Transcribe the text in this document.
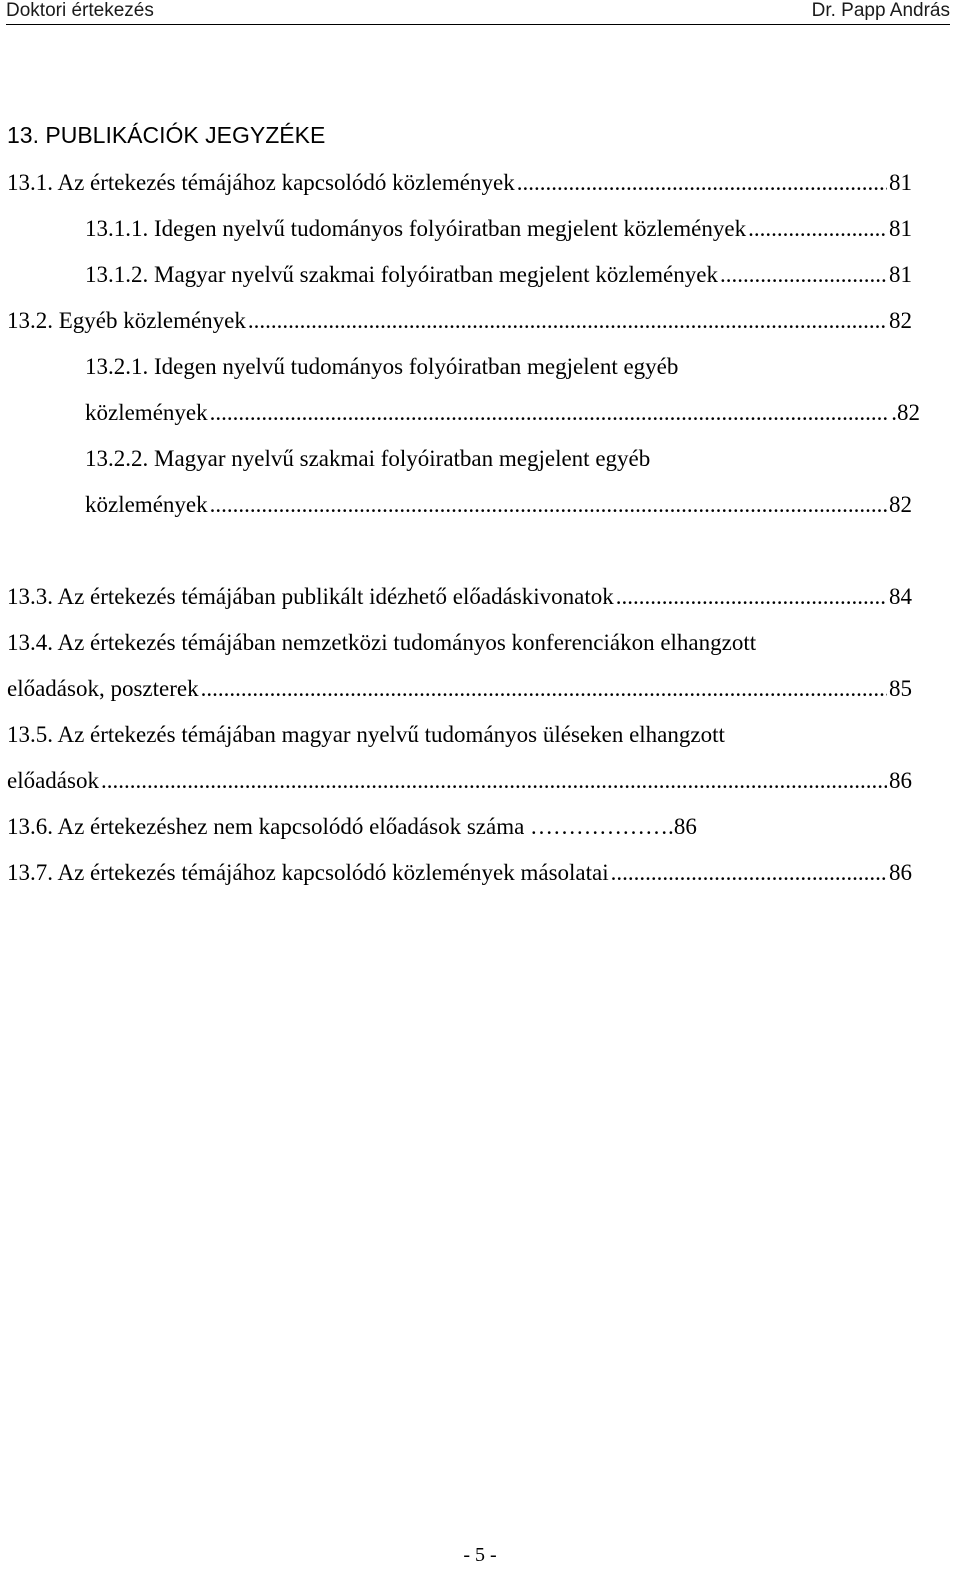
Doktori értekezés	Dr. Papp András
13. PUBLIKÁCIÓK JEGYZÉKE
13.1. Az értekezés témájához kapcsolódó közlemények .....	81
13.1.1. Idegen nyelvű tudományos folyóiratban megjelent közlemények .....	81
13.1.2. Magyar nyelvű szakmai folyóiratban megjelent közlemények .....	81
13.2. Egyéb közlemények .....	82
13.2.1. Idegen nyelvű tudományos folyóiratban megjelent egyéb
közlemények .....	.82
13.2.2. Magyar nyelvű szakmai folyóiratban megjelent egyéb
közlemények .....	82
13.3. Az értekezés témájában publikált idézhető előadáskivonatok .....	84
13.4. Az értekezés témájában nemzetközi tudományos konferenciákon elhangzott
előadások, poszterek .....	85
13.5. Az értekezés témájában magyar nyelvű tudományos üléseken elhangzott
előadások .....	86
13.6. Az értekezéshez nem kapcsolódó előadások száma ……………….86
13.7. Az értekezés témájához kapcsolódó közlemények másolatai .....	86
- 5 -
